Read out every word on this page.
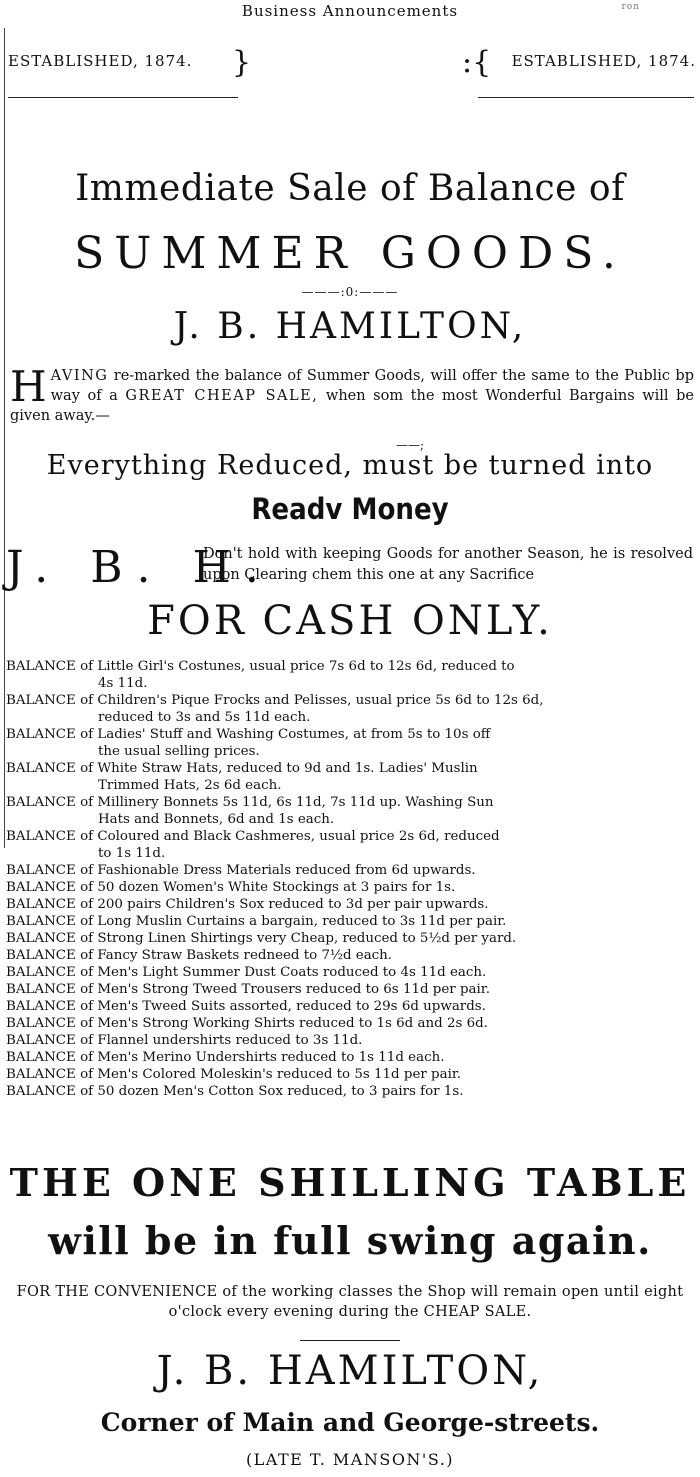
Business Announcements	ron
ESTABLISHED, 1874. }	:{ ESTABLISHED, 1874.
Immediate Sale of Balance of
SUMMER GOODS.
———:0:———
J. B. HAMILTON,
HAVING re-marked the balance of Summer Goods, will offer the same to the Public bp way of a GREAT CHEAP SALE, when som the most Wonderful Bargains will be given away.—
——;
Everything Reduced, must be turned into
Readv Money
J. B. H.
Don't hold with keeping Goods for another Season, he is resolved upon Clearing chem this one at any Sacrifice
FOR CASH ONLY.
BALANCE of Little Girl's Costunes, usual price 7s 6d to 12s 6d, reduced to
4s 11d.
BALANCE of Children's Pique Frocks and Pelisses, usual price 5s 6d to 12s 6d,
reduced to 3s and 5s 11d each.
BALANCE of Ladies' Stuff and Washing Costumes, at from 5s to 10s off
the usual selling prices.
BALANCE of White Straw Hats, reduced to 9d and 1s. Ladies' Muslin
Trimmed Hats, 2s 6d each.
BALANCE of Millinery Bonnets 5s 11d, 6s 11d, 7s 11d up. Washing Sun
Hats and Bonnets, 6d and 1s each.
BALANCE of Coloured and Black Cashmeres, usual price 2s 6d, reduced
to 1s 11d.
BALANCE of Fashionable Dress Materials reduced from 6d upwards.
BALANCE of 50 dozen Women's White Stockings at 3 pairs for 1s.
BALANCE of 200 pairs Children's Sox reduced to 3d per pair upwards.
BALANCE of Long Muslin Curtains a bargain, reduced to 3s 11d per pair.
BALANCE of Strong Linen Shirtings very Cheap, reduced to 5½d per yard.
BALANCE of Fancy Straw Baskets redneed to 7½d each.
BALANCE of Men's Light Summer Dust Coats roduced to 4s 11d each.
BALANCE of Men's Strong Tweed Trousers reduced to 6s 11d per pair.
BALANCE of Men's Tweed Suits assorted, reduced to 29s 6d upwards.
BALANCE of Men's Strong Working Shirts reduced to 1s 6d and 2s 6d.
BALANCE of Flannel undershirts reduced to 3s 11d.
BALANCE of Men's Merino Undershirts reduced to 1s 11d each.
BALANCE of Men's Colored Moleskin's reduced to 5s 11d per pair.
BALANCE of 50 dozen Men's Cotton Sox reduced, to 3 pairs for 1s.
THE ONE SHILLING TABLE
will be in full swing again.
FOR THE CONVENIENCE of the working classes the Shop will remain open until eight o'clock every evening during the CHEAP SALE.
J. B. HAMILTON,
Corner of Main and George-streets.
(LATE T. MANSON'S.)
